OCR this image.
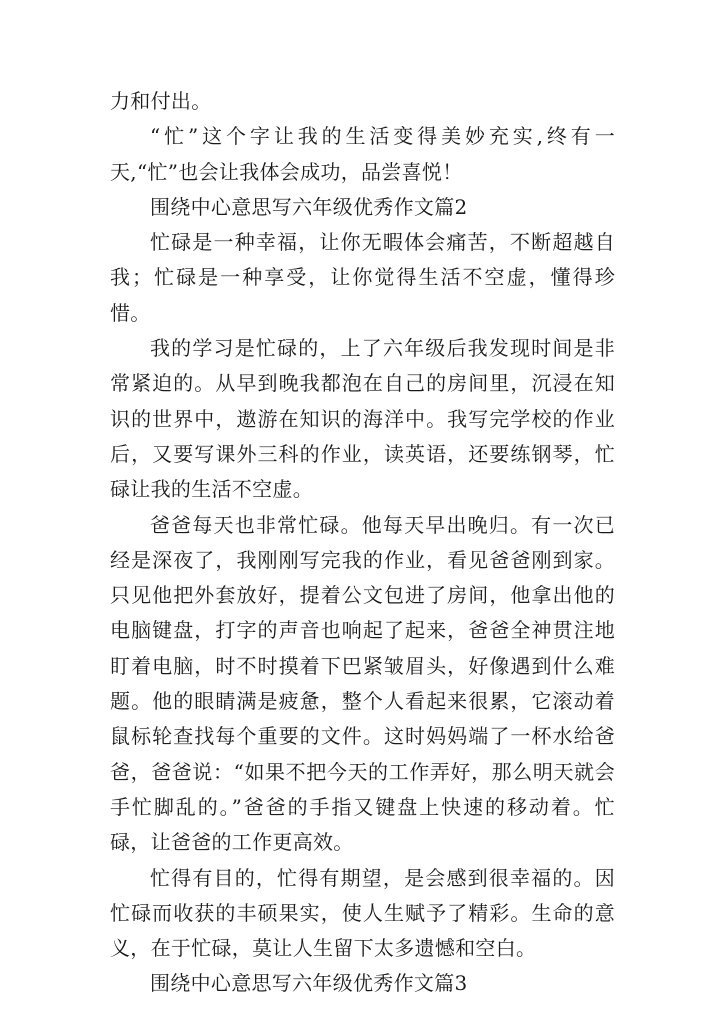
力和付出。

“忙”这个字让我的生活变得美妙充实,终有一天,“忙”也会让我体会成功，品尝喜悦！

围绕中心意思写六年级优秀作文篇2

忙碌是一种幸福，让你无暇体会痛苦，不断超越自我；忙碌是一种享受，让你觉得生活不空虚，懂得珍惜。

我的学习是忙碌的，上了六年级后我发现时间是非常紧迫的。从早到晚我都泡在自己的房间里，沉浸在知识的世界中，遨游在知识的海洋中。我写完学校的作业后，又要写课外三科的作业，读英语，还要练钢琴，忙碌让我的生活不空虚。

爸爸每天也非常忙碌。他每天早出晚归。有一次已经是深夜了，我刚刚写完我的作业，看见爸爸刚到家。只见他把外套放好，提着公文包进了房间，他拿出他的电脑键盘，打字的声音也响起了起来，爸爸全神贯注地盯着电脑，时不时摸着下巴紧皱眉头，好像遇到什么难题。他的眼睛满是疲惫，整个人看起来很累，它滚动着鼠标轮查找每个重要的文件。这时妈妈端了一杯水给爸爸，爸爸说：“如果不把今天的工作弄好，那么明天就会手忙脚乱的。”爸爸的手指又键盘上快速的移动着。忙碌，让爸爸的工作更高效。

忙得有目的，忙得有期望，是会感到很幸福的。因忙碌而收获的丰硕果实，使人生赋予了精彩。生命的意义，在于忙碌，莫让人生留下太多遗憾和空白。

围绕中心意思写六年级优秀作文篇3
